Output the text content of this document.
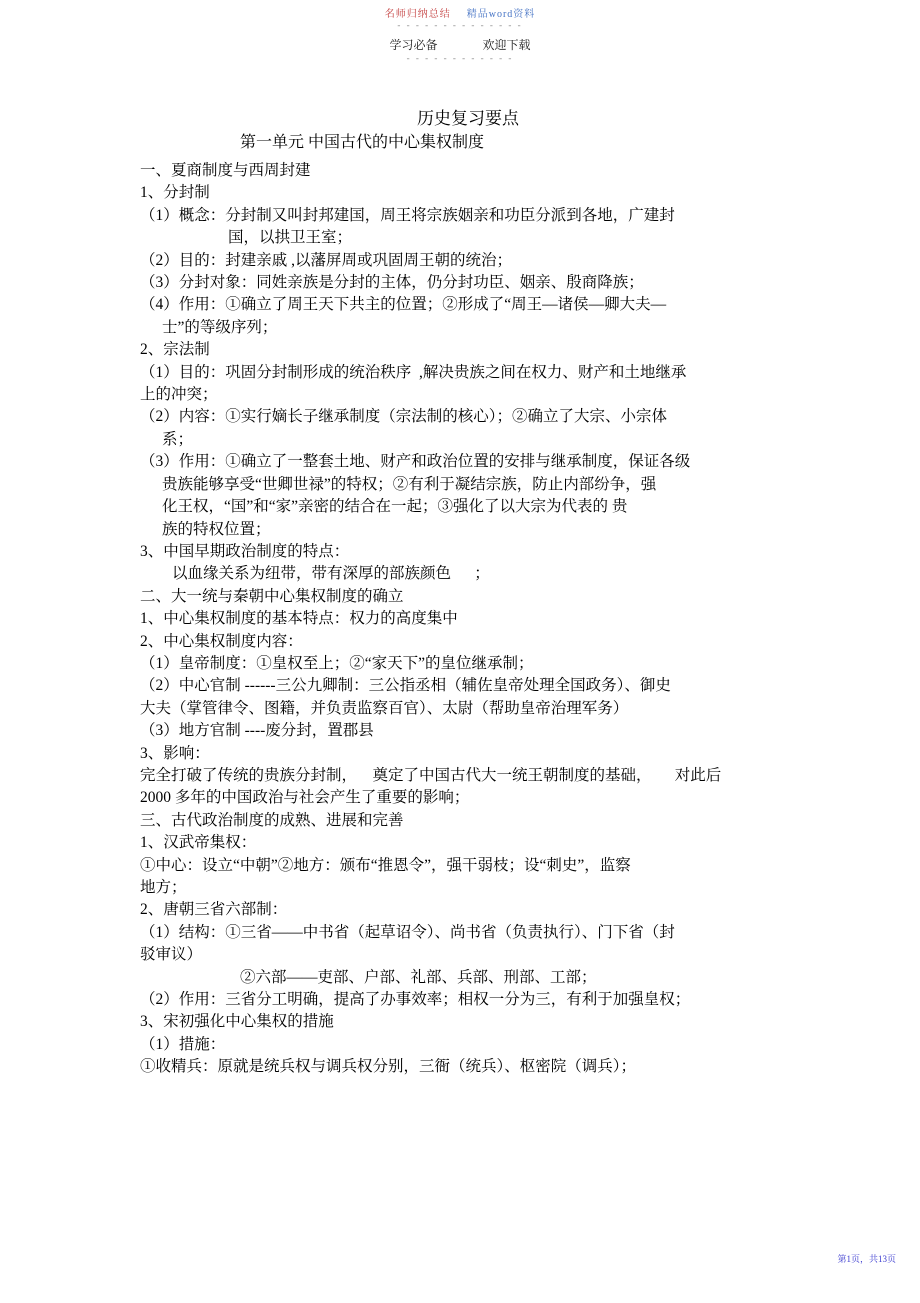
名师归纳总结 精品word资料
- - - - - - - - - - - - - -
学习必备	欢迎下载
- - - - - - - - - - - -
历史复习要点
第一单元 中国古代的中心集权制度
一、夏商制度与西周封建
1、分封制
（1）概念：分封制又叫封邦建国，周王将宗族姻亲和功臣分派到各地，广建封
国，以拱卫王室；
（2）目的：封建亲戚 ,以藩屏周或巩固周王朝的统治；
（3）分封对象：同姓亲族是分封的主体，仍分封功臣、姻亲、殷商降族；
（4）作用：①确立了周王天下共主的位置；②形成了“周王—诸侯—卿大夫—
士”的等级序列；
2、宗法制
（1）目的：巩固分封制形成的统治秩序  ,解决贵族之间在权力、财产和土地继承
上的冲突；
（2）内容：①实行嫡长子继承制度（宗法制的核心）；②确立了大宗、小宗体
系；
（3）作用：①确立了一整套土地、财产和政治位置的安排与继承制度，保证各级
贵族能够享受“世卿世禄”的特权；②有利于凝结宗族，防止内部纷争，强
化王权，“国”和“家”亲密的结合在一起；③强化了以大宗为代表的 贵
族的特权位置；
3、中国早期政治制度的特点：
以血缘关系为纽带，带有深厚的部族颜色      ；
二、大一统与秦朝中心集权制度的确立
1、中心集权制度的基本特点：权力的高度集中
2、中心集权制度内容：
（1）皇帝制度：①皇权至上；②“家天下”的皇位继承制；
（2）中心官制 ------三公九卿制：三公指丞相（辅佐皇帝处理全国政务）、御史
大夫（掌管律令、图籍，并负责监察百官）、太尉（帮助皇帝治理军务）
（3）地方官制 ----废分封，置郡县
3、影响：
完全打破了传统的贵族分封制，    奠定了中国古代大一统王朝制度的基础，      对此后
2000 多年的中国政治与社会产生了重要的影响；
三、古代政治制度的成熟、进展和完善
1、汉武帝集权：
①中心：设立“中朝”②地方：颁布“推恩令”，强干弱枝；设“刺史”，监察
地方；
2、唐朝三省六部制：
（1）结构：①三省——中书省（起草诏令）、尚书省（负责执行）、门下省（封
驳审议）
②六部——吏部、户部、礼部、兵部、刑部、工部；
（2）作用：三省分工明确，提高了办事效率；相权一分为三，有利于加强皇权；
3、宋初强化中心集权的措施
（1）措施：
①收精兵：原就是统兵权与调兵权分别，三衙（统兵）、枢密院（调兵）；
第1页，共13页
